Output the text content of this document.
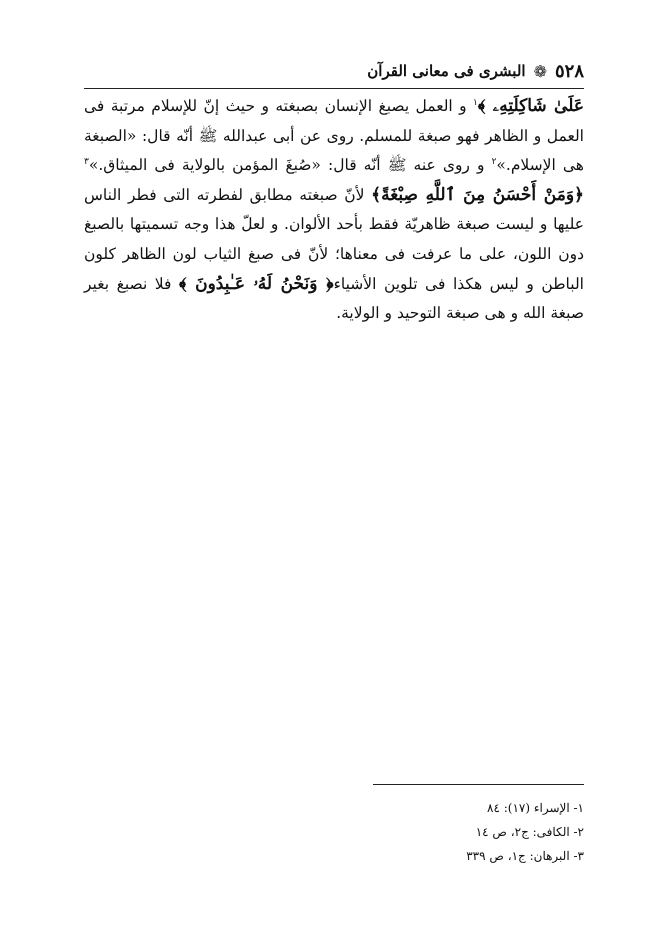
٥٢٨
❁
البشرى فی معانی القرآن

عَلَىٰ شَاكِلَتِهِۦ ﴾$^١$ و العمل یصبغ الإنسان بصبغته و حیث إنّ للإسلام مرتبة فی العمل و الظاهر فهو صبغة للمسلم. روى عن أبی عبدالله ﷺ أنّه قال: «الصبغة هی الإسلام.»$^٢$ و روى عنه ﷺ أنّه قال: «صُبغَ المؤمن بالولایة فی المیثاق.»$^٣$ ﴿وَمَنْ أَحْسَنُ مِنَ ٱللَّهِ صِبْغَةً﴾ لأنّ صبغته مطابق لفطرته التی فطر الناس علیها و لیست صبغة ظاهریّة فقط بأحد الألوان. و لعلّ هذا وجه تسمیتها بالصبغ دون اللون، على ما عرفت فی معناها؛ لأنّ فی صبغ الثیاب لون الظاهر كلون الباطن و لیس هكذا فی تلوین الأشیاء﴿ وَنَحْنُ لَهُۥ عَـٰبِدُونَ ﴾ فلا نصبغ بغیر صبغة الله و هی صبغة التوحید و الولایة.

١- الإسراء (١٧): ٨٤
٢- الكافی: ج٢، ص ١٤
٣- البرهان: ج١، ص ٣٣٩
